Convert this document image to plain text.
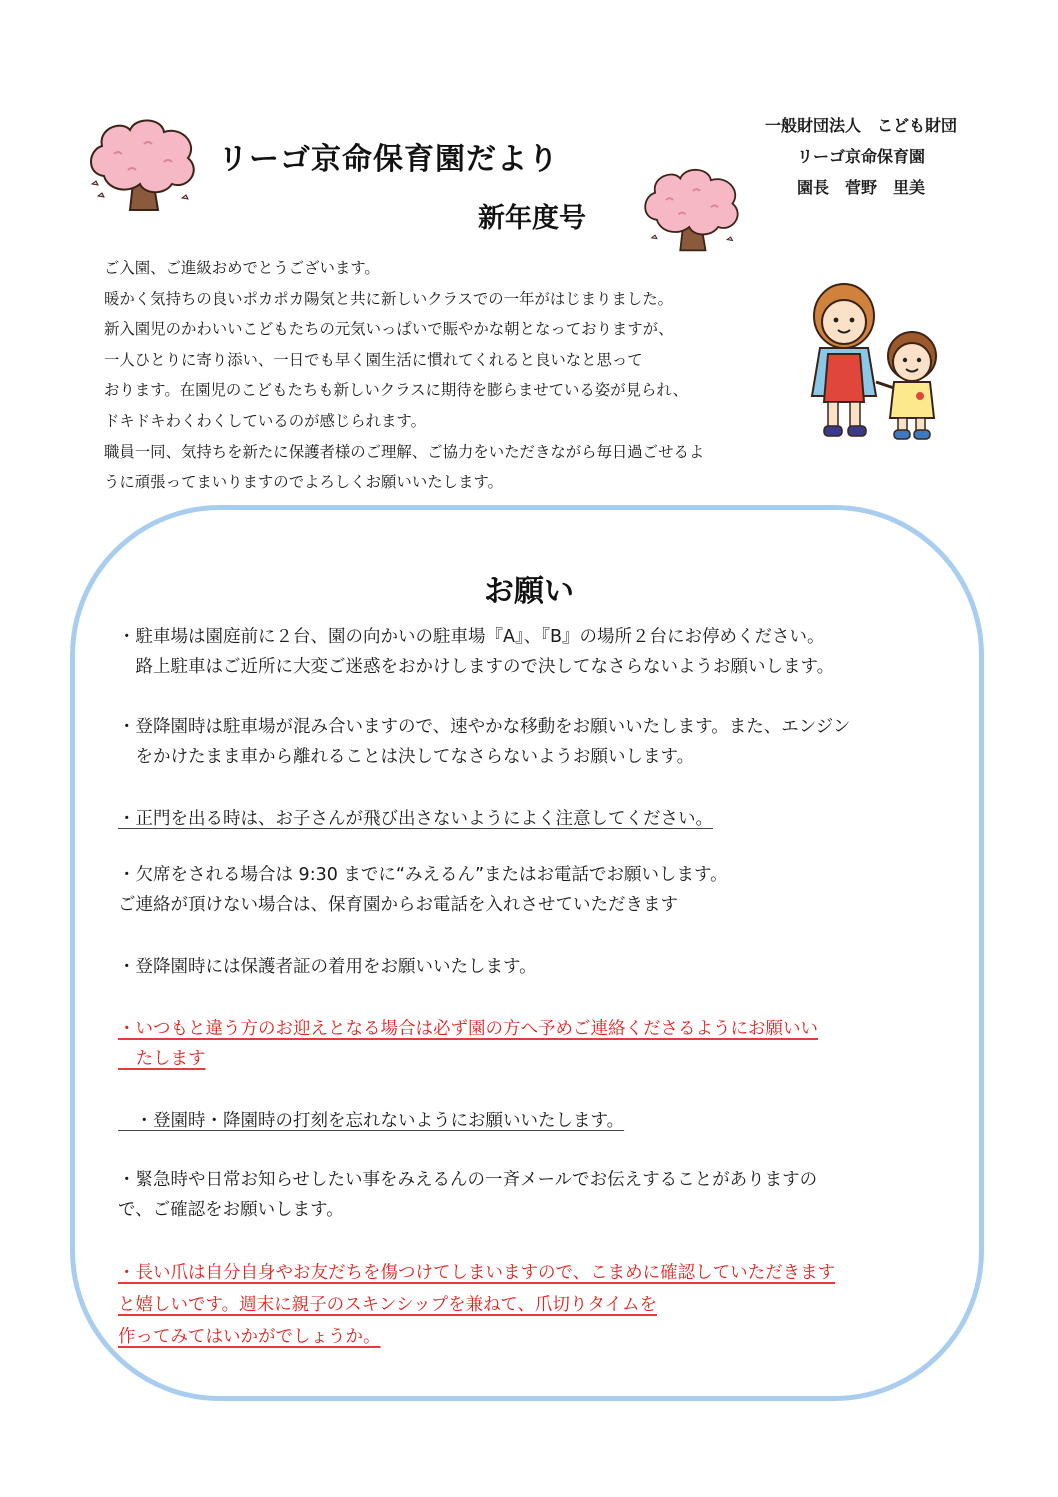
リーゴ京命保育園だより
新年度号
一般財団法人　こども財団
リーゴ京命保育園
園長　菅野　里美
ご入園、ご進級おめでとうございます。
暖かく気持ちの良いポカポカ陽気と共に新しいクラスでの一年がはじまりました。
新入園児のかわいいこどもたちの元気いっぱいで賑やかな朝となっておりますが、
一人ひとりに寄り添い、一日でも早く園生活に慣れてくれると良いなと思って
おります。在園児のこどもたちも新しいクラスに期待を膨らませている姿が見られ、
ドキドキわくわくしているのが感じられます。
職員一同、気持ちを新たに保護者様のご理解、ご協力をいただきながら毎日過ごせるよ
うに頑張ってまいりますのでよろしくお願いいたします。
お願い
・駐車場は園庭前に２台、園の向かいの駐車場『A』、『B』の場所２台にお停めください。
　路上駐車はご近所に大変ご迷惑をおかけしますので決してなさらないようお願いします。
・登降園時は駐車場が混み合いますので、速やかな移動をお願いいたします。また、エンジン
　をかけたまま車から離れることは決してなさらないようお願いします。
・正門を出る時は、お子さんが飛び出さないようによく注意してください。
・欠席をされる場合は 9:30 までに“みえるん”またはお電話でお願いします。
ご連絡が頂けない場合は、保育園からお電話を入れさせていただきます
・登降園時には保護者証の着用をお願いいたします。
・いつもと違う方のお迎えとなる場合は必ず園の方へ予めご連絡くださるようにお願いい
　たします
　・登園時・降園時の打刻を忘れないようにお願いいたします。
・緊急時や日常お知らせしたい事をみえるんの一斉メールでお伝えすることがありますの
で、ご確認をお願いします。
・長い爪は自分自身やお友だちを傷つけてしまいますので、こまめに確認していただきます
と嬉しいです。週末に親子のスキンシップを兼ねて、爪切りタイムを
作ってみてはいかがでしょうか。
